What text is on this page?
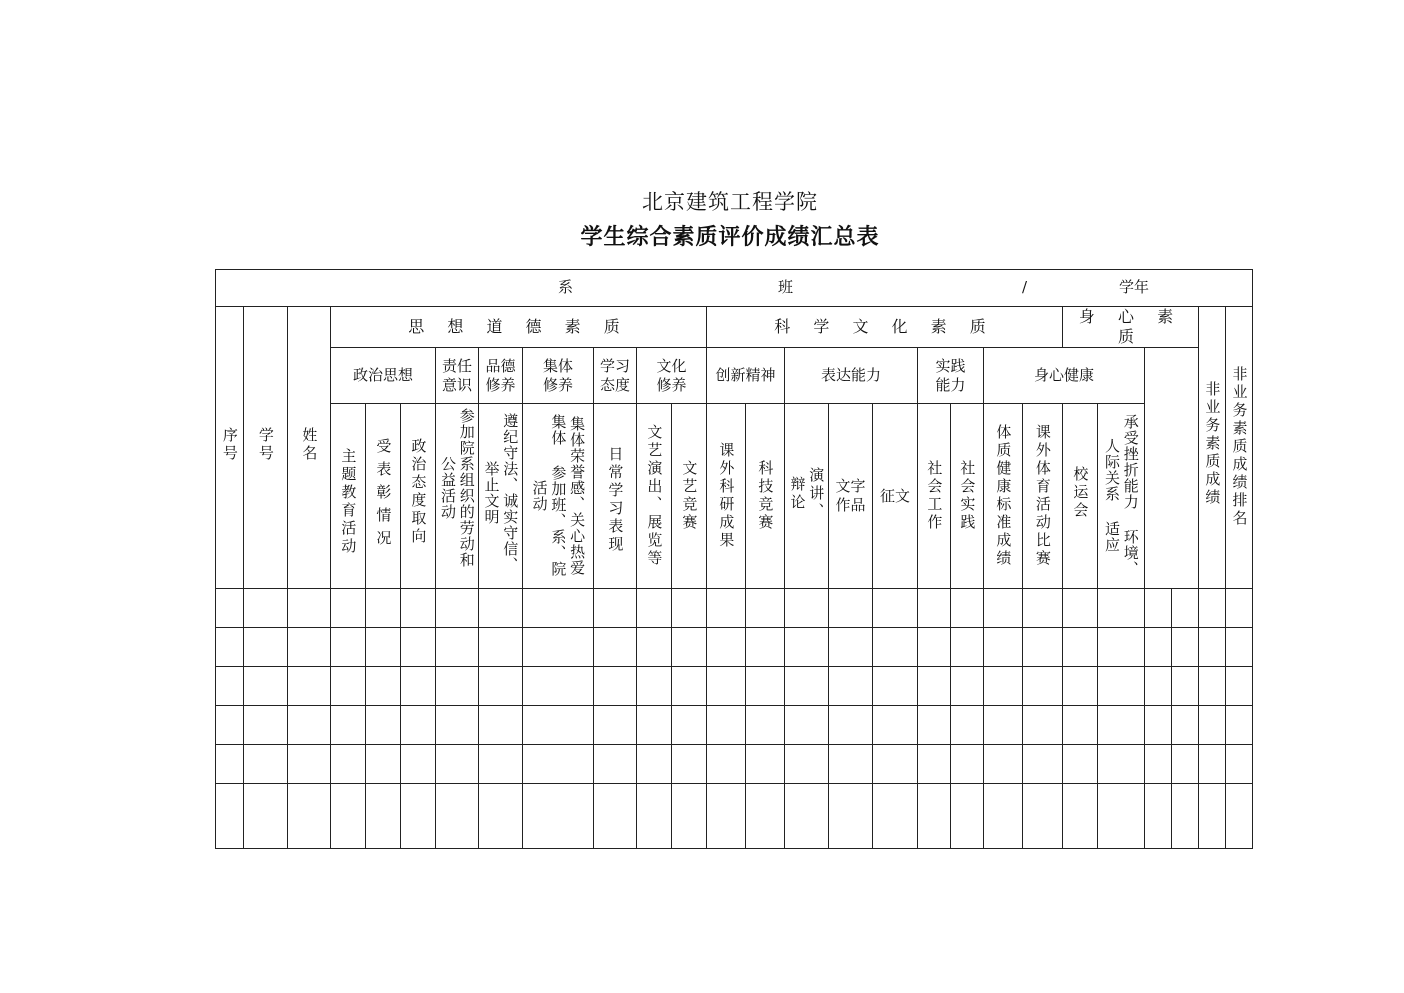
北京建筑工程学院
学生综合素质评价成绩汇总表
系 班 / 学年																											

序号	学号	姓名	思 想 道 德 素 质									科 学 文 化 素 质									身 心 素 质				非业务素质成绩	非业务素质成绩排名		
			政治思想			责任意识	品德修养	集体修养	学习态度	文化修养		创新精神		表达能力			实践能力		身心健康								
			主题教育活动	受表彰情况	政治态度取向	参加院系组织的劳动和公益活动	遵纪守法、诚实守信、举止文明	集体荣誉感、关心热爱集体 参加班、系、院活动	日常学习表现	文艺演出、展览等	文艺竞赛	课外科研成果	科技竞赛	演讲、辩论	文字作品	征文	社会工作	社会实践	体质健康标准成绩	课外体育活动比赛	校运会	承受挫折能力 环境、人际关系 适应					
